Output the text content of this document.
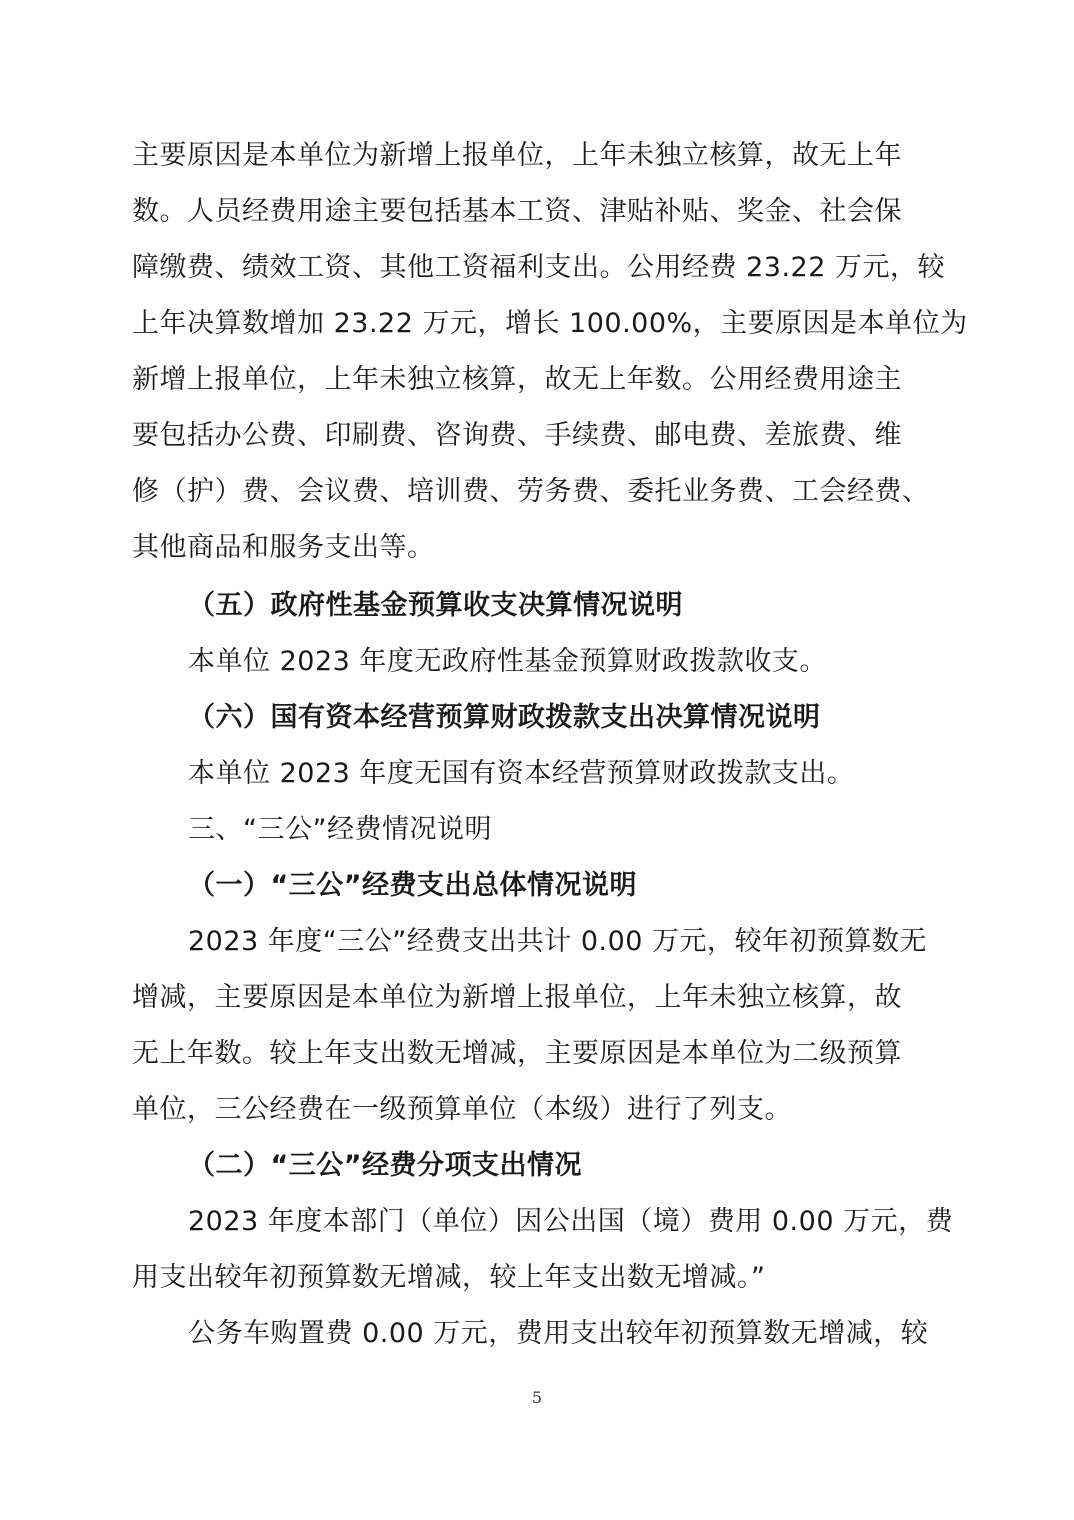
主要原因是本单位为新增上报单位，上年未独立核算，故无上年
数。人员经费用途主要包括基本工资、津贴补贴、奖金、社会保
障缴费、绩效工资、其他工资福利支出。公用经费 23.22 万元，较
上年决算数增加 23.22 万元，增长 100.00%，主要原因是本单位为
新增上报单位，上年未独立核算，故无上年数。公用经费用途主
要包括办公费、印刷费、咨询费、手续费、邮电费、差旅费、维
修（护）费、会议费、培训费、劳务费、委托业务费、工会经费、
其他商品和服务支出等。
（五）政府性基金预算收支决算情况说明
本单位 2023 年度无政府性基金预算财政拨款收支。
（六）国有资本经营预算财政拨款支出决算情况说明
本单位 2023 年度无国有资本经营预算财政拨款支出。
三、“三公”经费情况说明
（一）“三公”经费支出总体情况说明
2023 年度“三公”经费支出共计 0.00 万元，较年初预算数无
增减，主要原因是本单位为新增上报单位，上年未独立核算，故
无上年数。较上年支出数无增减，主要原因是本单位为二级预算
单位，三公经费在一级预算单位（本级）进行了列支。
（二）“三公”经费分项支出情况
2023 年度本部门（单位）因公出国（境）费用 0.00 万元，费
用支出较年初预算数无增减，较上年支出数无增减。”
公务车购置费 0.00 万元，费用支出较年初预算数无增减，较
5
